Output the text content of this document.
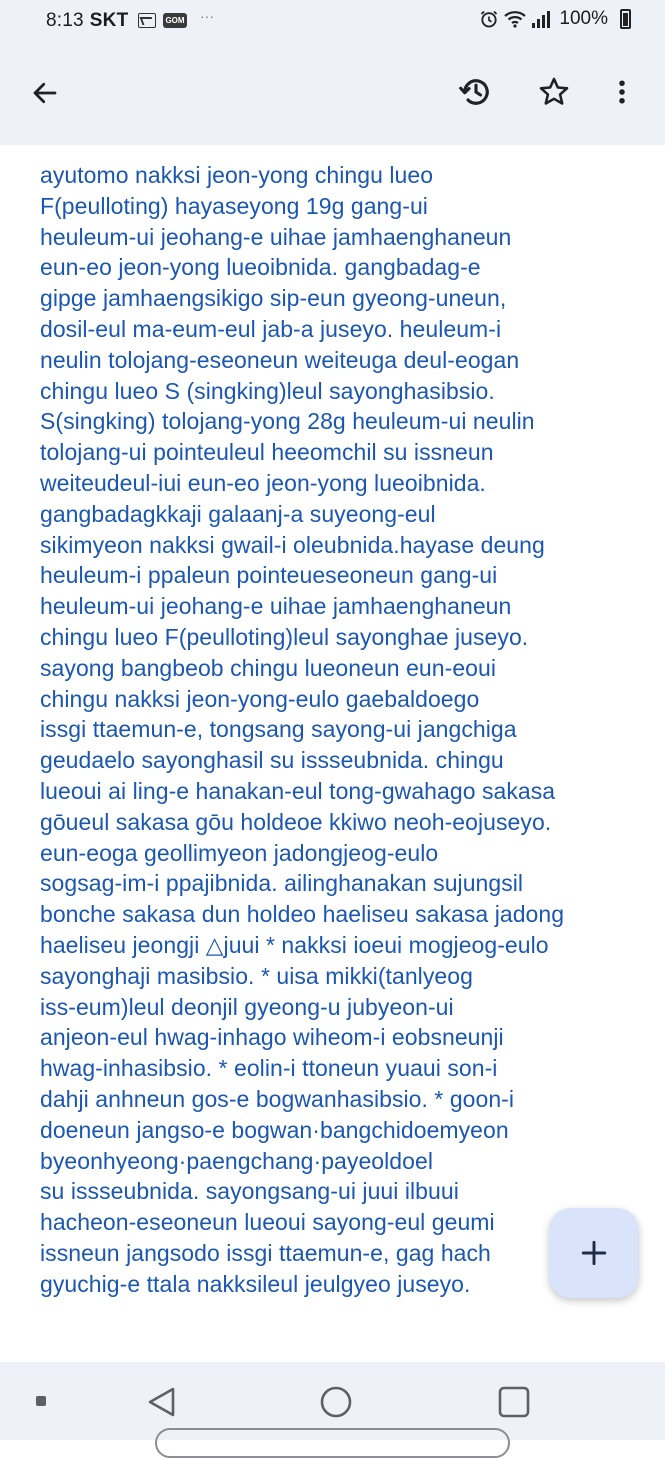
8:13 SKT	GOM ···	100%
ayutomo nakksi jeon-yong chingu lueo
F(peulloting) hayaseyong 19g gang-ui
heuleum-ui jeohang-e uihae jamhaenghaneun
eun-eo jeon-yong lueoibnida. gangbadag-e
gipge jamhaengsikigo sip-eun gyeong-uneun,
dosil-eul ma-eum-eul jab-a juseyo. heuleum-i
neulin tolojang-eseoneun weiteuga deul-eogan
chingu lueo S (singking)leul sayonghasibsio.
S(singking) tolojang-yong 28g heuleum-ui neulin
tolojang-ui pointeuleul heeomchil su issneun
weiteudeul-iui eun-eo jeon-yong lueoibnida.
gangbadagkkaji galaanj-a suyeong-eul
sikimyeon nakksi gwail-i oleubnida.hayase deung
heuleum-i ppaleun pointeueseoneun gang-ui
heuleum-ui jeohang-e uihae jamhaenghaneun
chingu lueo F(peulloting)leul sayonghae juseyo.
sayong bangbeob chingu lueoneun eun-eoui
chingu nakksi jeon-yong-eulo gaebaldoego
issgi ttaemun-e, tongsang sayong-ui jangchiga
geudaelo sayonghasil su issseubnida. chingu
lueoui ai ling-e hanakan-eul tong-gwahago sakasa
gōueul sakasa gōu holdeoe kkiwo neoh-eojuseyo.
eun-eoga geollimyeon jadongjeog-eulo
sogsag-im-i ppajibnida. ailinghanakan sujungsil
bonche sakasa dun holdeo haeliseu sakasa jadong
haeliseu jeongji △juui * nakksi ioeui mogjeog-eulo
sayonghaji masibsio. * uisa mikki(tanlyeog
iss-eum)leul deonjil gyeong-u jubyeon-ui
anjeon-eul hwag-inhago wiheom-i eobsneunji
hwag-inhasibsio. * eolin-i ttoneun yuaui son-i
dahji anhneun gos-e bogwanhasibsio. * goon-i
doeneun jangso-e bogwan·bangchidoemyeon
byeonhyeong·paengchang·payeoldoel
su issseubnida. sayongsang-ui juui ilbuui
hacheon-eseoneun lueoui sayong-eul geumi
issneun jangsodo issgi ttaemun-e, gag hach
gyuchig-e ttala nakksileul jeulgyeo juseyo.
